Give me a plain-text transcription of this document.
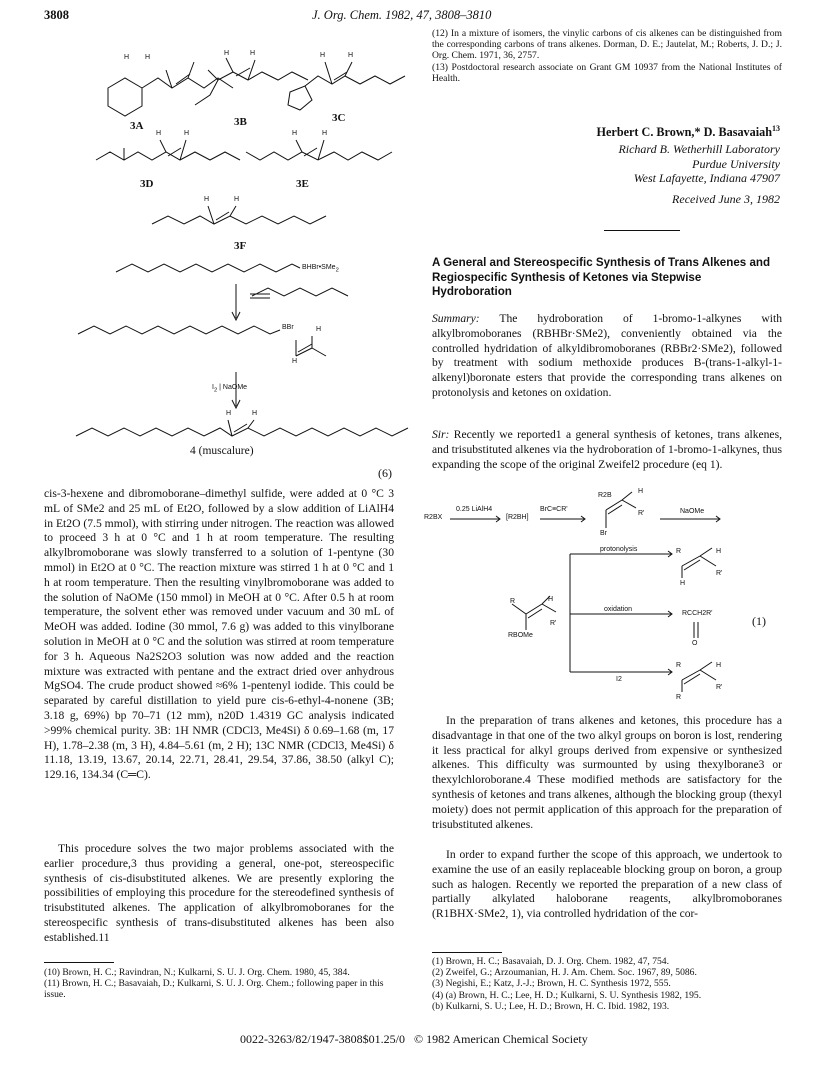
3808	J. Org. Chem. 1982, 47, 3808–3810
3A	3B	3C
3D	3E
3F
H H
H	H	H	H
H	H	H	H
H	H
BHBr•SMe$_2$
BBr	H
H
$I_2$ | NaOMe
H	H
4 (muscalure)
(6)
cis-3-hexene and dibromoborane–dimethyl sulfide, were added at 0 °C 3 mL of SMe2 and 25 mL of Et2O, followed by a slow addition of LiAlH4 in Et2O (7.5 mmol), with stirring under nitrogen. The reaction was allowed to proceed 3 h at 0 °C and 1 h at room temperature. The resulting alkylbromoborane was slowly transferred to a solution of 1-pentyne (30 mmol) in Et2O at 0 °C. The reaction mixture was stirred 1 h at 0 °C and 1 h at room temperature. Then the resulting vinylbromoborane was added to the solution of NaOMe (150 mmol) in MeOH at 0 °C. After 0.5 h at room temperature, the solvent ether was removed under vacuum and 30 mL of MeOH was added. Iodine (30 mmol, 7.6 g) was added to this vinylborane solution in MeOH at 0 °C and the solution was stirred at room temperature for 3 h. Aqueous Na2S2O3 solution was now added and the reaction mixture was extracted with pentane and the extract dried over anhydrous MgSO4. The crude product showed ≈6% 1-pentenyl iodide. This could be separated by careful distillation to yield pure cis-6-ethyl-4-nonene (3B; 3.18 g, 69%) bp 70–71 (12 mm), n20D 1.4319 GC analysis indicated >99% chemical purity. 3B: 1H NMR (CDCl3, Me4Si) δ 0.69–1.68 (m, 17 H), 1.78–2.38 (m, 3 H), 4.84–5.61 (m, 2 H); 13C NMR (CDCl3, Me4Si) δ 11.18, 13.19, 13.67, 20.14, 22.71, 28.41, 29.54, 37.86, 38.50 (alkyl C); 129.16, 134.34 (C═C).
This procedure solves the two major problems associated with the earlier procedure,3 thus providing a general, one-pot, stereospecific synthesis of cis-disubstituted alkenes. We are presently exploring the possibilities of employing this procedure for the stereodefined synthesis of trisubstituted alkenes. The application of alkylbromoboranes for the stereospecific synthesis of trans-disubstituted alkenes has been also established.11

(10) Brown, H. C.; Ravindran, N.; Kulkarni, S. U. J. Org. Chem. 1980, 45, 384.

(11) Brown, H. C.; Basavaiah, D.; Kulkarni, S. U. J. Org. Chem.; following paper in this issue.

(12) In a mixture of isomers, the vinylic carbons of cis alkenes can be distinguished from the corresponding carbons of trans alkenes. Dorman, D. E.; Jautelat, M.; Roberts, J. D.; J. Org. Chem. 1971, 36, 2757.

(13) Postdoctoral research associate on Grant GM 10937 from the National Institutes of Health.

Herbert C. Brown,* D. Basavaiah$^{13}$

Richard B. Wetherhill Laboratory

Purdue University

West Lafayette, Indiana 47907

Received June 3, 1982
A General and Stereospecific Synthesis of Trans Alkenes and Regiospecific Synthesis of Ketones via Stepwise Hydroboration
Summary: The hydroboration of 1-bromo-1-alkynes with alkylbromoboranes (RBHBr·SMe2), conveniently obtained via the controlled hydridation of alkyldibromoboranes (RBBr2·SMe2), followed by treatment with sodium methoxide produces B-(trans-1-alkyl-1-alkenyl)boronate esters that provide the corresponding trans alkenes on protonolysis and ketones on oxidation.
Sir: Recently we reported1 a general synthesis of ketones, trans alkenes, and trisubstituted alkenes via the hydroboration of 1-bromo-1-alkynes, thus expanding the scope of the original Zweifel2 procedure (eq 1).
R2BX
0.25 LiAlH4
[R2BH]
BrC≡CR'
R2B
H
Br
R'	NaOMe
protonolysis
oxidation
I2
R	H
H
R'
RCCH2R'
O
(1)
R	H
RBOMe
R'
R	H
R
R'
In the preparation of trans alkenes and ketones, this procedure has a disadvantage in that one of the two alkyl groups on boron is lost, rendering it less practical for alkyl groups derived from expensive or synthesized alkenes. This difficulty was surmounted by using thexylborane3 or thexylchloroborane.4 These modified methods are satisfactory for the synthesis of ketones and trans alkenes, although the blocking group (thexyl moiety) does not permit application of this approach for the preparation of trisubstituted alkenes.
In order to expand further the scope of this approach, we undertook to examine the use of an easily replaceable blocking group on boron, a group such as halogen. Recently we reported the preparation of a new class of partially alkylated haloborane reagents, alkylbromoboranes (R1BHX·SMe2, 1), via controlled hydridation of the cor-

(1) Brown, H. C.; Basavaiah, D. J. Org. Chem. 1982, 47, 754.

(2) Zweifel, G.; Arzoumanian, H. J. Am. Chem. Soc. 1967, 89, 5086.

(3) Negishi, E.; Katz, J.-J.; Brown, H. C. Synthesis 1972, 555.

(4) (a) Brown, H. C.; Lee, H. D.; Kulkarni, S. U. Synthesis 1982, 195.

(b) Kulkarni, S. U.; Lee, H. D.; Brown, H. C. Ibid. 1982, 193.

0022-3263/82/1947-3808$01.25/0 © 1982 American Chemical Society
